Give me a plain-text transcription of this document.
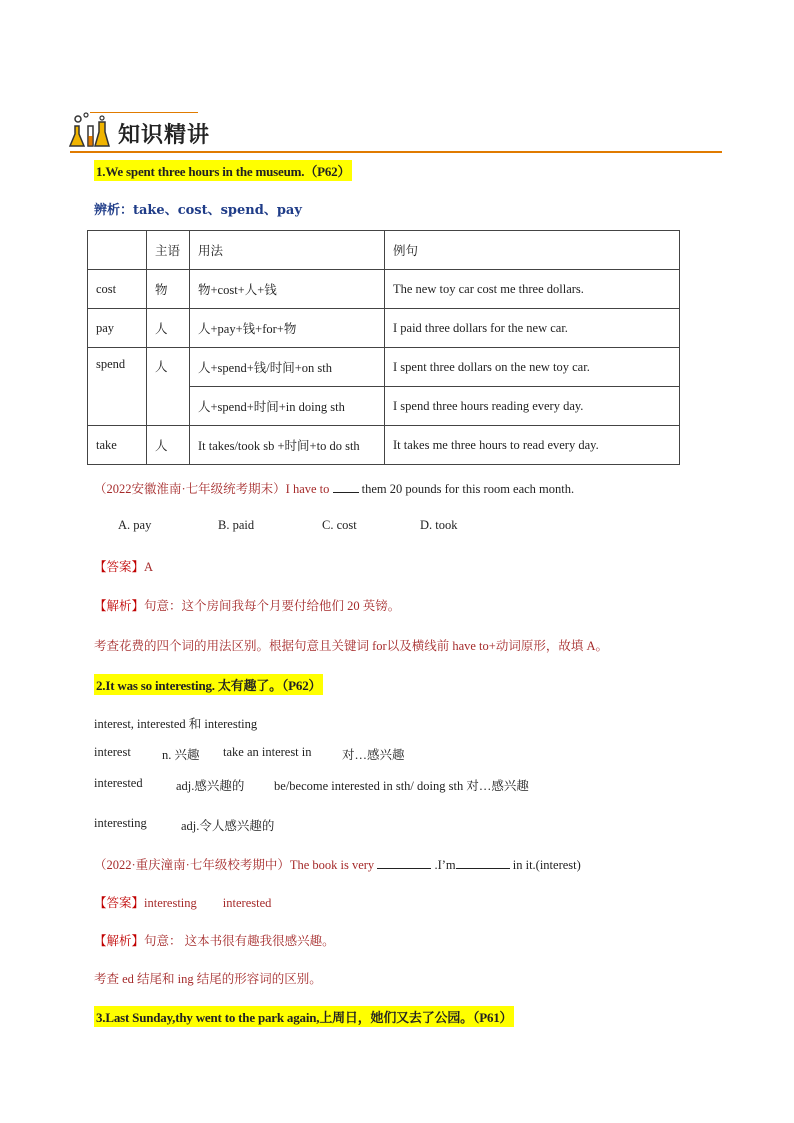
知识精讲
1.We spent three hours in the museum.（P62）
辨析：take、cost、spend、pay
	主语	用法	例句
cost	物	物+cost+人+钱	The new toy car cost me three dollars.
pay	人	人+pay+钱+for+物	I paid three dollars for the new car.
spend	人	人+spend+钱/时间+on sth	I spent three dollars on the new toy car.
		人+spend+时间+in doing sth	I spend three hours reading every day.
take	人	It takes/took sb +时间+to do sth	It takes me three hours to read every day.
（2022安徽淮南·七年级统考期末）I have to	them 20 pounds for this room each month.
A. pay	B. paid	C. cost	D. took
【答案】A
【解析】句意：这个房间我每个月要付给他们 20 英镑。
考查花费的四个词的用法区别。根据句意且关键词 for以及横线前 have to+动词原形，故填 A。
2.It was so interesting. 太有趣了。（P62）
interest, interested 和 interesting
interest n. 兴趣 take an interest in 对…感兴趣
interested	adj.感兴趣的 be/become interested in sth/ doing sth 对…感兴趣
interesting	adj.令人感兴趣的
（2022·重庆潼南·七年级校考期中）The book is very	.I’m	in it.(interest)
【答案】interesting interested
【解析】句意： 这本书很有趣我很感兴趣。
考查 ed 结尾和 ing 结尾的形容词的区别。
3.Last Sunday,thy went to the park again,上周日，她们又去了公园。（P61）
